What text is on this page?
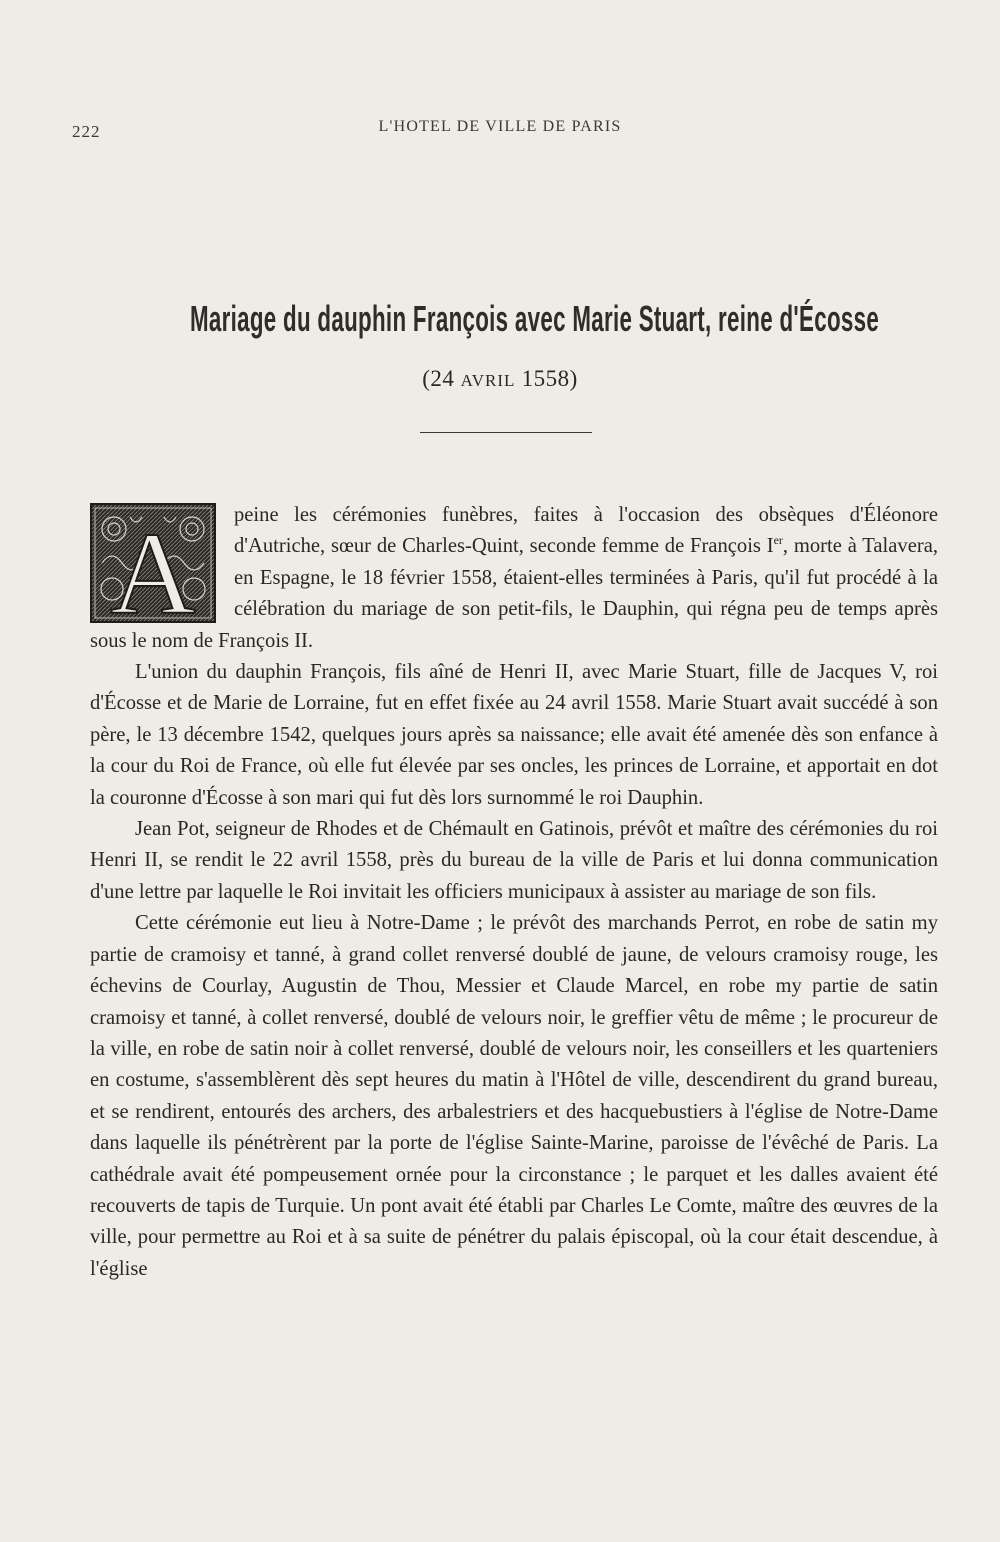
222	L'HOTEL DE VILLE DE PARIS
Mariage du dauphin François avec Marie Stuart, reine d'Écosse
(24 AVRIL 1558)

A peine les cérémonies funèbres, faites à l'occasion des obsèques d'Éléonore d'Autriche, sœur de Charles-Quint, seconde femme de François Ier, morte à Talavera, en Espagne, le 18 février 1558, étaient-elles terminées à Paris, qu'il fut procédé à la célébration du mariage de son petit-fils, le Dauphin, qui régna peu de temps après sous le nom de François II.

L'union du dauphin François, fils aîné de Henri II, avec Marie Stuart, fille de Jacques V, roi d'Écosse et de Marie de Lorraine, fut en effet fixée au 24 avril 1558. Marie Stuart avait succédé à son père, le 13 décembre 1542, quelques jours après sa naissance; elle avait été amenée dès son enfance à la cour du Roi de France, où elle fut élevée par ses oncles, les princes de Lorraine, et apportait en dot la couronne d'Écosse à son mari qui fut dès lors surnommé le roi Dauphin.

Jean Pot, seigneur de Rhodes et de Chémault en Gatinois, prévôt et maître des cérémonies du roi Henri II, se rendit le 22 avril 1558, près du bureau de la ville de Paris et lui donna communication d'une lettre par laquelle le Roi invitait les officiers municipaux à assister au mariage de son fils.

Cette cérémonie eut lieu à Notre-Dame ; le prévôt des marchands Perrot, en robe de satin my partie de cramoisy et tanné, à grand collet renversé doublé de jaune, de velours cramoisy rouge, les échevins de Courlay, Augustin de Thou, Messier et Claude Marcel, en robe my partie de satin cramoisy et tanné, à collet renversé, doublé de velours noir, le greffier vêtu de même ; le procureur de la ville, en robe de satin noir à collet renversé, doublé de velours noir, les conseillers et les quarteniers en costume, s'assemblèrent dès sept heures du matin à l'Hôtel de ville, descendirent du grand bureau, et se rendirent, entourés des archers, des arbalestriers et des hacquebustiers à l'église de Notre-Dame dans laquelle ils pénétrèrent par la porte de l'église Sainte-Marine, paroisse de l'évêché de Paris. La cathédrale avait été pompeusement ornée pour la circonstance ; le parquet et les dalles avaient été recouverts de tapis de Turquie. Un pont avait été établi par Charles Le Comte, maître des œuvres de la ville, pour permettre au Roi et à sa suite de pénétrer du palais épiscopal, où la cour était descendue, à l'église
